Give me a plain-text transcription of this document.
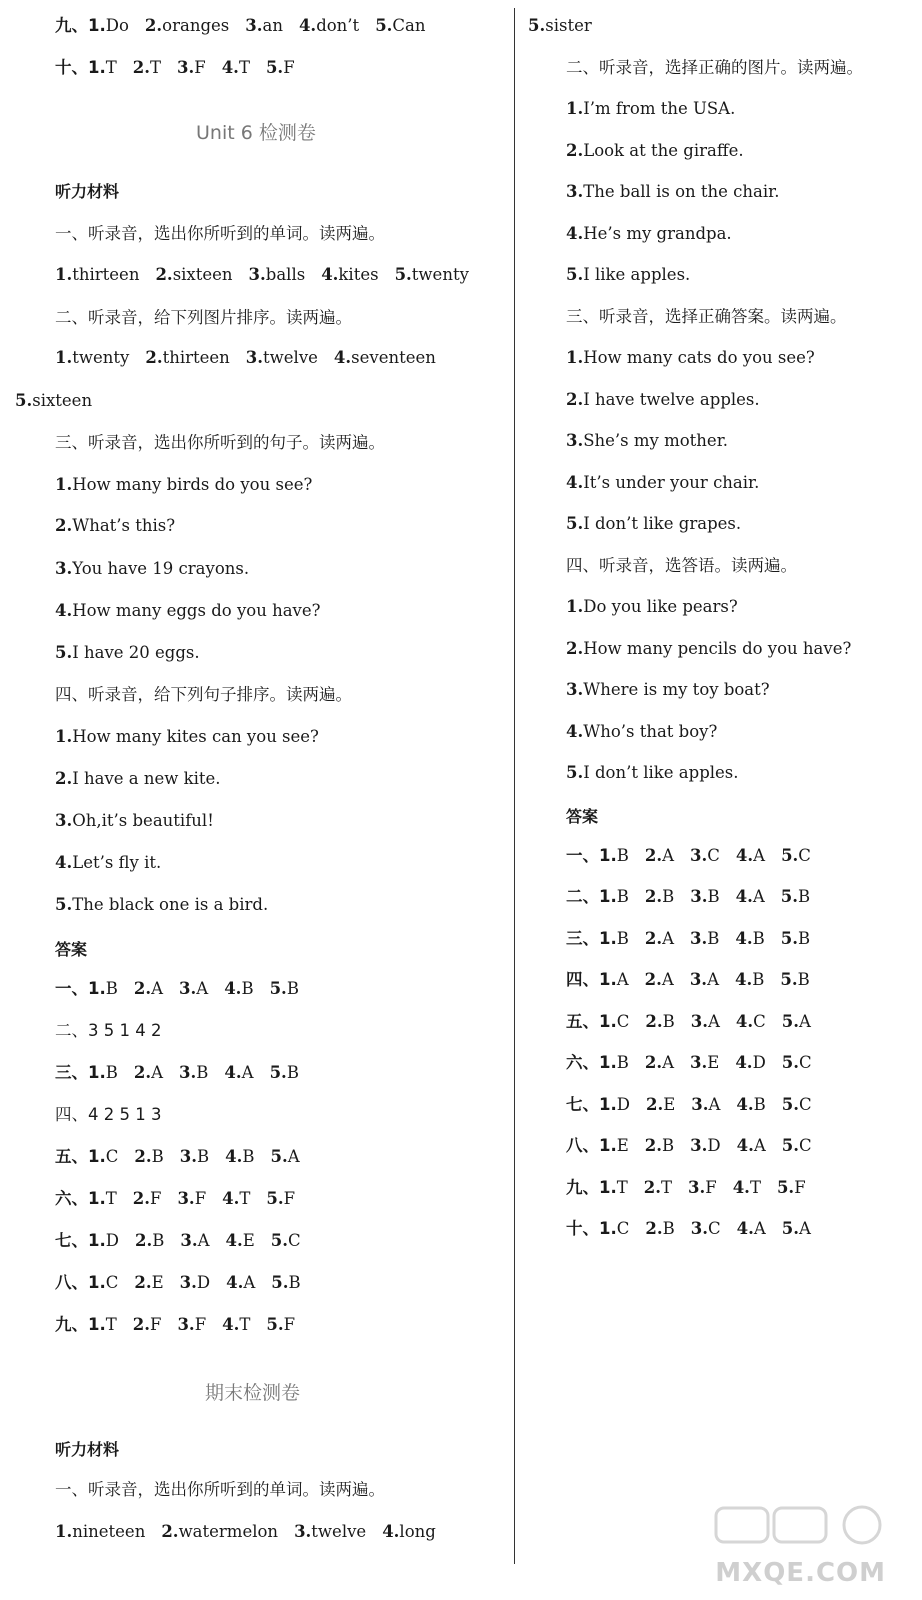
九、1.Do 2.oranges 3.an 4.don’t 5.Can
十、1.T 2.T 3.F 4.T 5.F
Unit 6 检测卷
听力材料
一、听录音，选出你所听到的单词。读两遍。
1.thirteen 2.sixteen 3.balls 4.kites 5.twenty
二、听录音，给下列图片排序。读两遍。
1.twenty 2.thirteen 3.twelve 4.seventeen
5.sixteen
三、听录音，选出你所听到的句子。读两遍。
1.How many birds do you see?
2.What’s this?
3.You have 19 crayons.
4.How many eggs do you have?
5.I have 20 eggs.
四、听录音，给下列句子排序。读两遍。
1.How many kites can you see?
2.I have a new kite.
3.Oh,it’s beautiful!
4.Let’s fly it.
5.The black one is a bird.
答案
一、1.B 2.A 3.A 4.B 5.B
二、3 5 1 4 2
三、1.B 2.A 3.B 4.A 5.B
四、4 2 5 1 3
五、1.C 2.B 3.B 4.B 5.A
六、1.T 2.F 3.F 4.T 5.F
七、1.D 2.B 3.A 4.E 5.C
八、1.C 2.E 3.D 4.A 5.B
九、1.T 2.F 3.F 4.T 5.F
期末检测卷
听力材料
一、听录音，选出你所听到的单词。读两遍。
1.nineteen 2.watermelon 3.twelve 4.long
5.sister
二、听录音，选择正确的图片。读两遍。
1.I’m from the USA.
2.Look at the giraffe.
3.The ball is on the chair.
4.He’s my grandpa.
5.I like apples.
三、听录音，选择正确答案。读两遍。
1.How many cats do you see?
2.I have twelve apples.
3.She’s my mother.
4.It’s under your chair.
5.I don’t like grapes.
四、听录音，选答语。读两遍。
1.Do you like pears?
2.How many pencils do you have?
3.Where is my toy boat?
4.Who’s that boy?
5.I don’t like apples.
答案
一、1.B 2.A 3.C 4.A 5.C
二、1.B 2.B 3.B 4.A 5.B
三、1.B 2.A 3.B 4.B 5.B
四、1.A 2.A 3.A 4.B 5.B
五、1.C 2.B 3.A 4.C 5.A
六、1.B 2.A 3.E 4.D 5.C
七、1.D 2.E 3.A 4.B 5.C
八、1.E 2.B 3.D 4.A 5.C
九、1.T 2.T 3.F 4.T 5.F
十、1.C 2.B 3.C 4.A 5.A
MXQE.COM
